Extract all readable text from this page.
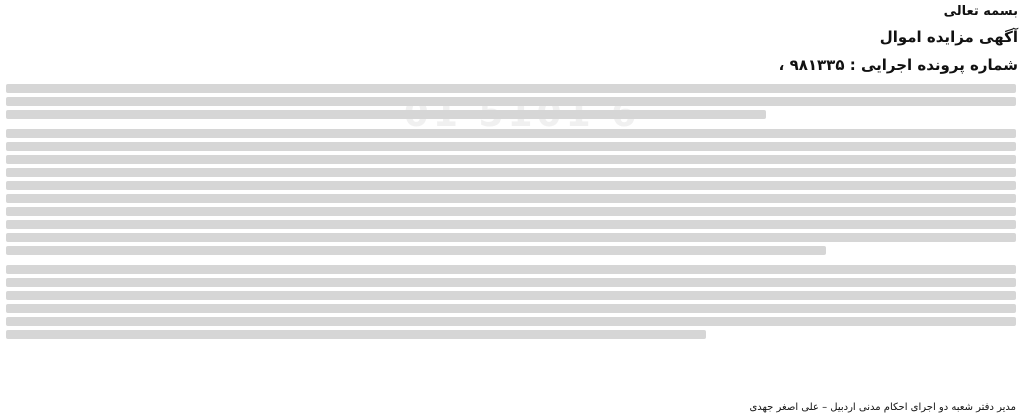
بسمه تعالی
آگهی مزایده اموال
شماره پرونده اجرایی : ۹۸۱۳۳۵ ،

مدیر دفتر شعبه دو اجرای احکام مدنی اردبیل – علی اصغر جهدی
